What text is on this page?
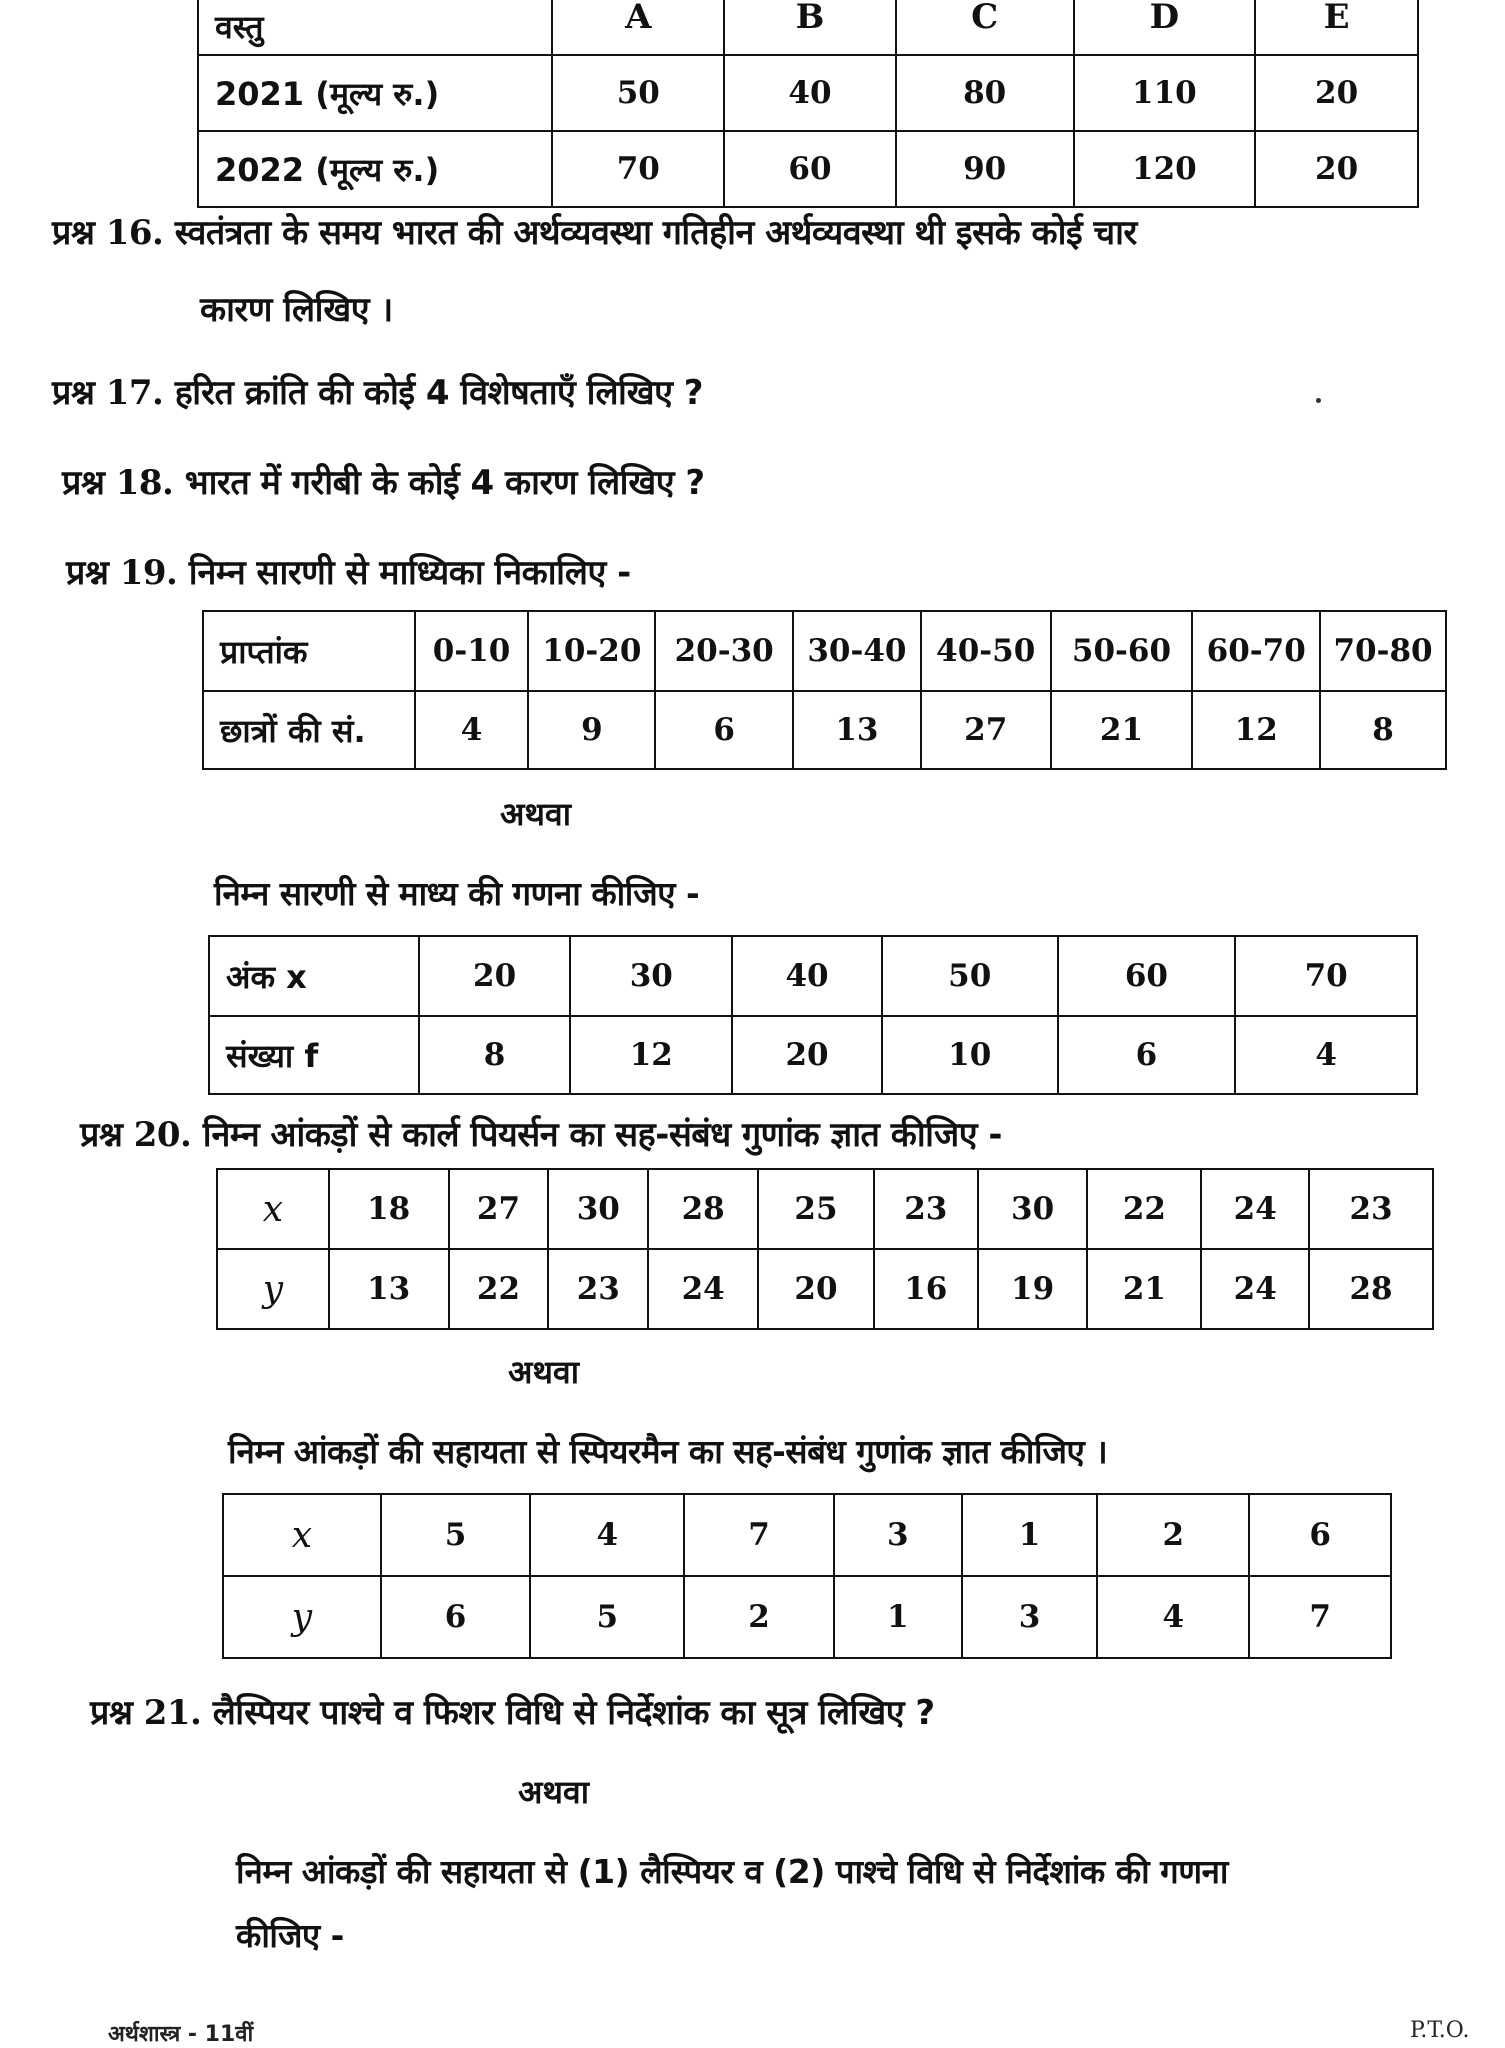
वस्तु	A	B	C	D	E
2021 (मूल्य रु.)	50	40	80	110	20
2022 (मूल्य रु.)	70	60	90	120	20
प्रश्न 16. स्वतंत्रता के समय भारत की अर्थव्यवस्था गतिहीन अर्थव्यवस्था थी इसके कोई चार
कारण लिखिए ।
प्रश्न 17. हरित क्रांति की कोई 4 विशेषताएँ लिखिए ?
प्रश्न 18. भारत में गरीबी के कोई 4 कारण लिखिए ?
प्रश्न 19. निम्न सारणी से माध्यिका निकालिए -
प्राप्तांक	0-10	10-20	20-30	30-40	40-50	50-60	60-70	70-80
छात्रों की सं.	4	9	6	13	27	21	12	8
अथवा
निम्न सारणी से माध्य की गणना कीजिए -
अंक x	20	30	40	50	60	70
संख्या f	8	12	20	10	6	4
प्रश्न 20. निम्न आंकड़ों से कार्ल पियर्सन का सह-संबंध गुणांक ज्ञात कीजिए -
x	18	27	30	28	25	23	30	22	24	23
y	13	22	23	24	20	16	19	21	24	28
अथवा
निम्न आंकड़ों की सहायता से स्पियरमैन का सह-संबंध गुणांक ज्ञात कीजिए ।
x	5	4	7	3	1	2	6
y	6	5	2	1	3	4	7
प्रश्न 21. लैस्पियर पाश्चे व फिशर विधि से निर्देशांक का सूत्र लिखिए ?
अथवा
निम्न आंकड़ों की सहायता से (1) लैस्पियर व (2) पाश्चे विधि से निर्देशांक की गणना
कीजिए -
अर्थशास्त्र - 11वीं	P.T.O.
